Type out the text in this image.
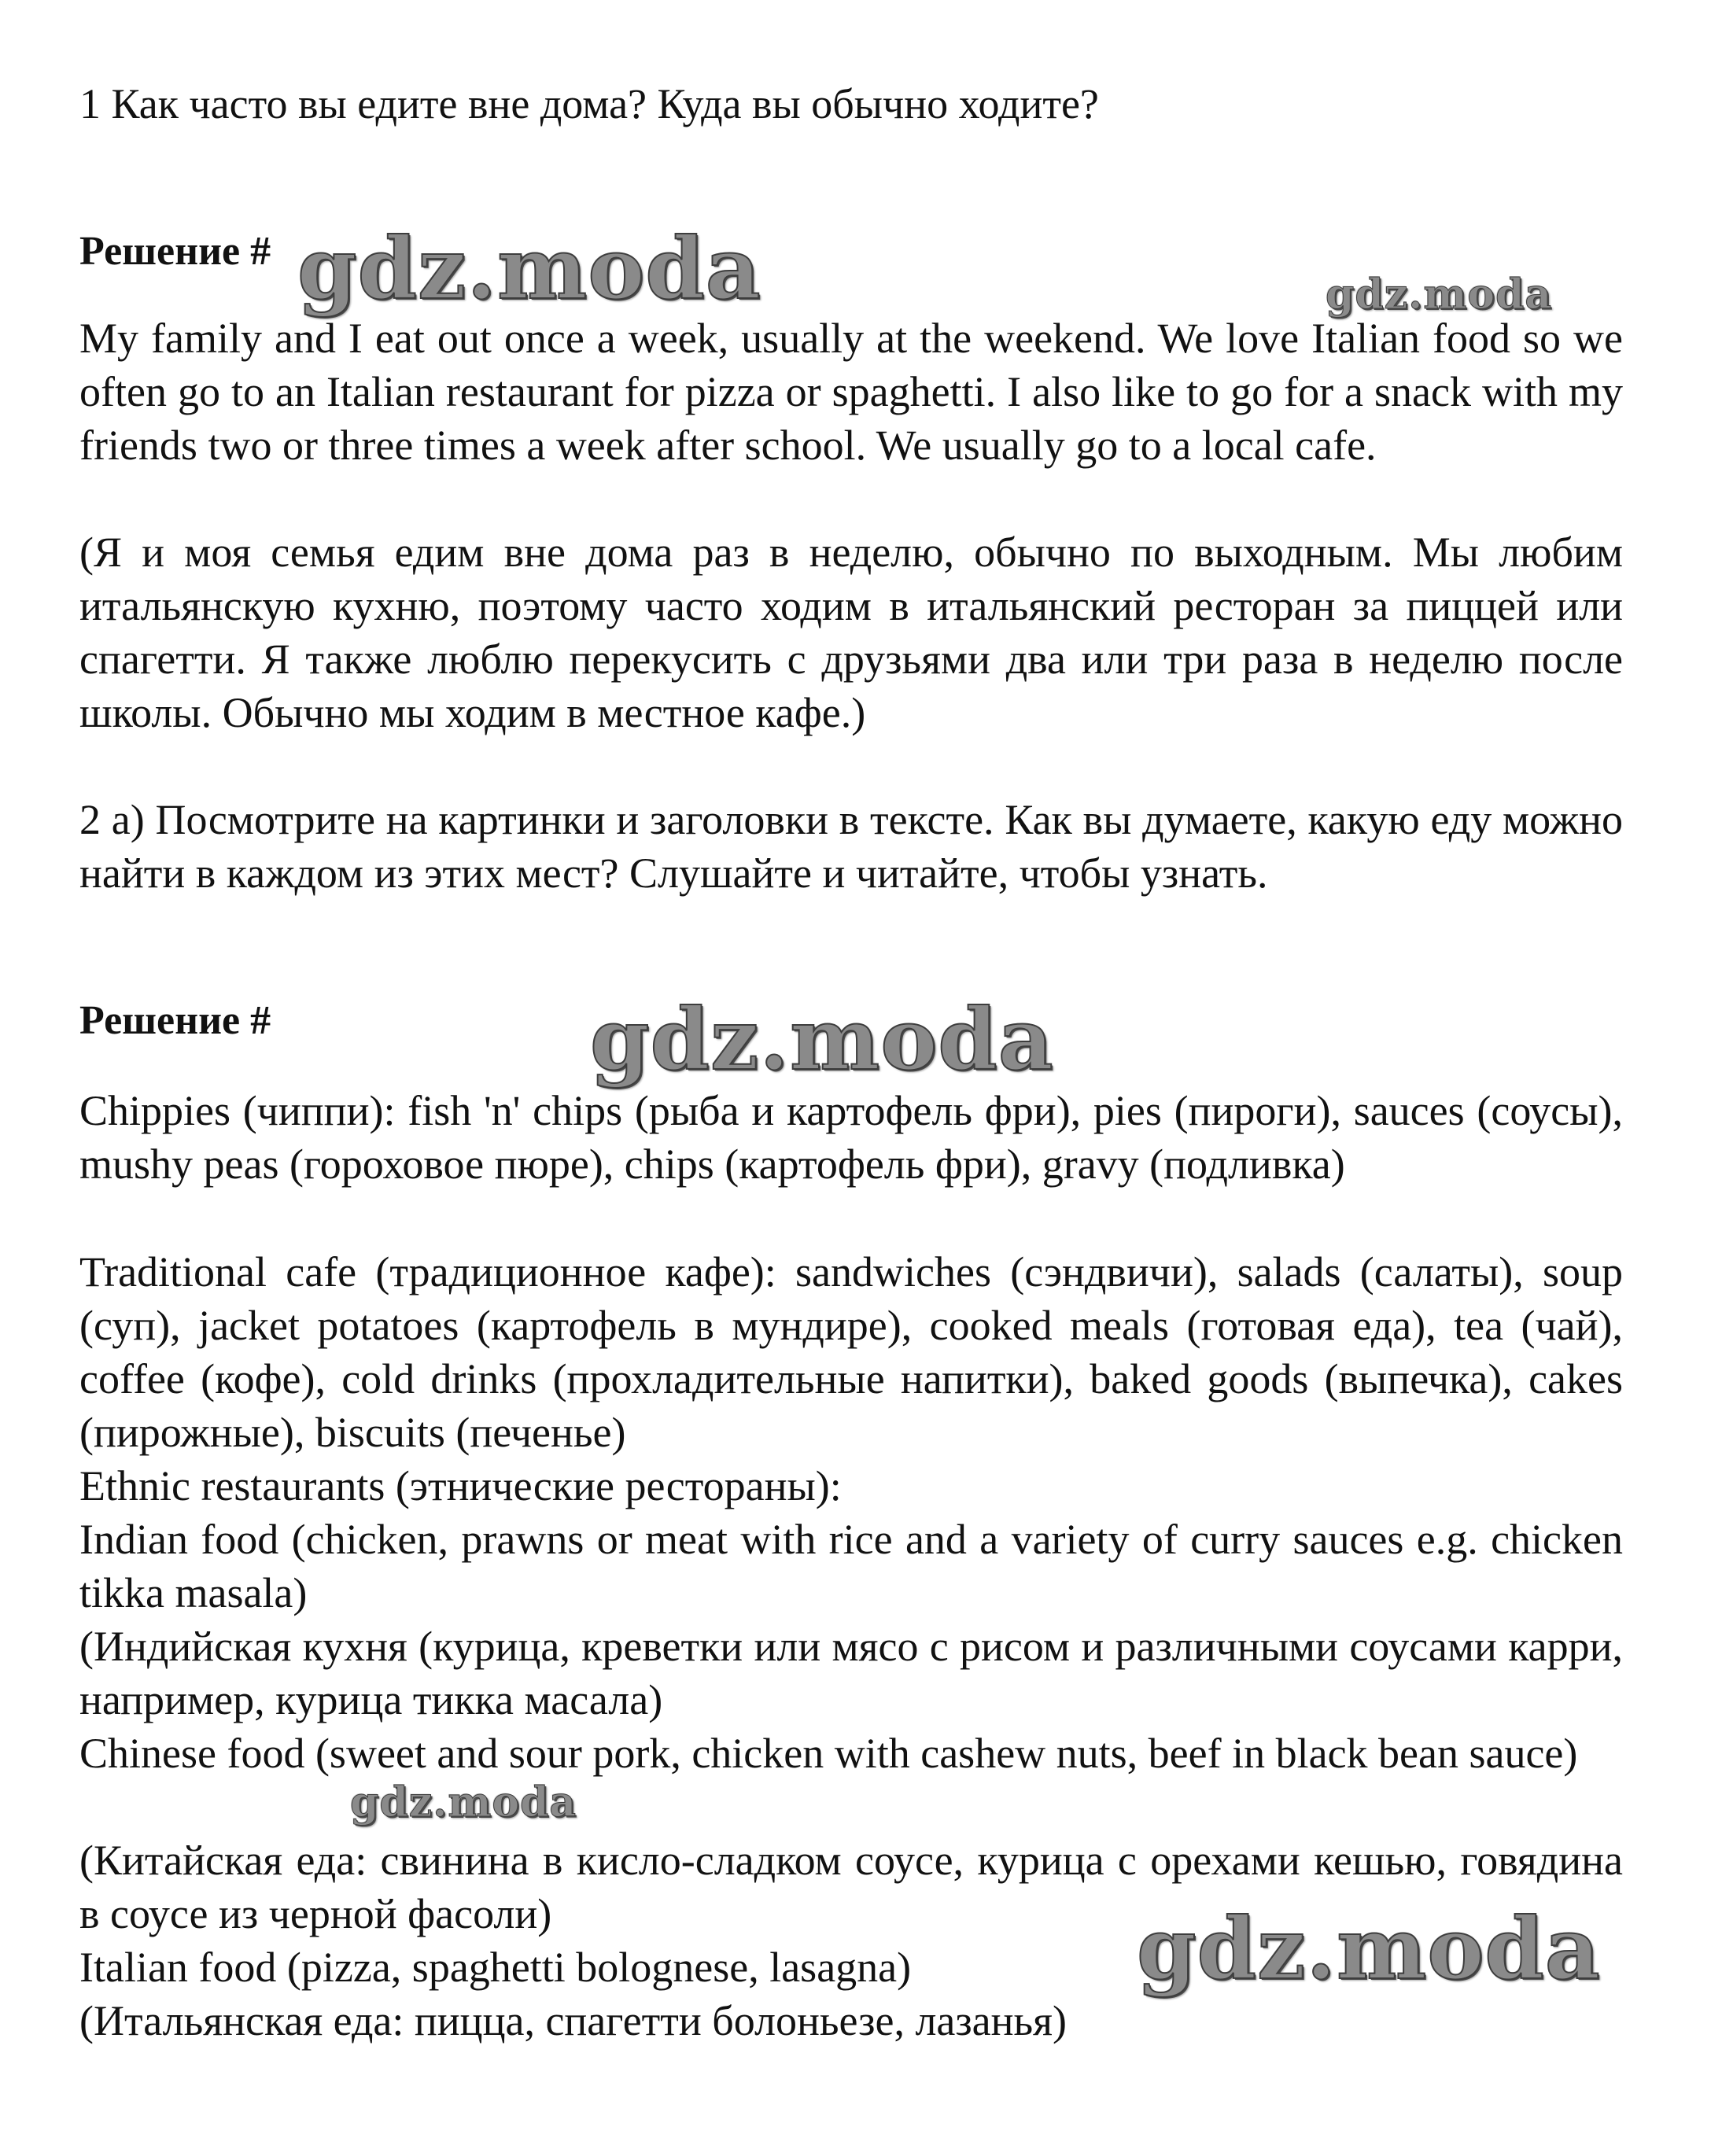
1 Как часто вы едите вне дома? Куда вы обычно ходите?

Решение # gdz.moda	gdz.moda

My family and I eat out once a week, usually at the weekend. We love Italian food so we often go to an Italian restaurant for pizza or spaghetti. I also like to go for a snack with my friends two or three times a week after school. We usually go to a local cafe.

(Я и моя семья едим вне дома раз в неделю, обычно по выходным. Мы любим итальянскую кухню, поэтому часто ходим в итальянский ресторан за пиццей или спагетти. Я также люблю перекусить с друзьями два или три раза в неделю после школы. Обычно мы ходим в местное кафе.)

2 a) Посмотрите на картинки и заголовки в тексте. Как вы думаете, какую еду можно найти в каждом из этих мест? Слушайте и читайте, чтобы узнать.

Решение #	gdz.moda

Chippies (чиппи): fish 'n' chips (рыба и картофель фри), pies (пироги), sauces (соусы), mushy peas (гороховое пюре), chips (картофель фри), gravy (подливка)

Traditional cafe (традиционное кафе): sandwiches (сэндвичи), salads (салаты), soup (суп), jacket potatoes (картофель в мундире), cooked meals (готовая еда), tea (чай), coffee (кофе), cold drinks (прохладительные напитки), baked goods (выпечка), cakes (пирожные), biscuits (печенье)

Ethnic restaurants (этнические рестораны):

Indian food (chicken, prawns or meat with rice and a variety of curry sauces e.g. chicken tikka masala)

(Индийская кухня (курица, креветки или мясо с рисом и различными соусами карри, например, курица тикка масала)

Chinese food (sweet and sour pork, chicken with cashew nuts, beef in black bean sauce)

gdz.moda

(Китайская еда: свинина в кисло-сладком соусе, курица с орехами кешью, говядина в соусе из черной фасоли)

Italian food (pizza, spaghetti bolognese, lasagna)	gdz.moda

(Итальянская еда: пицца, спагетти болоньезе, лазанья)
